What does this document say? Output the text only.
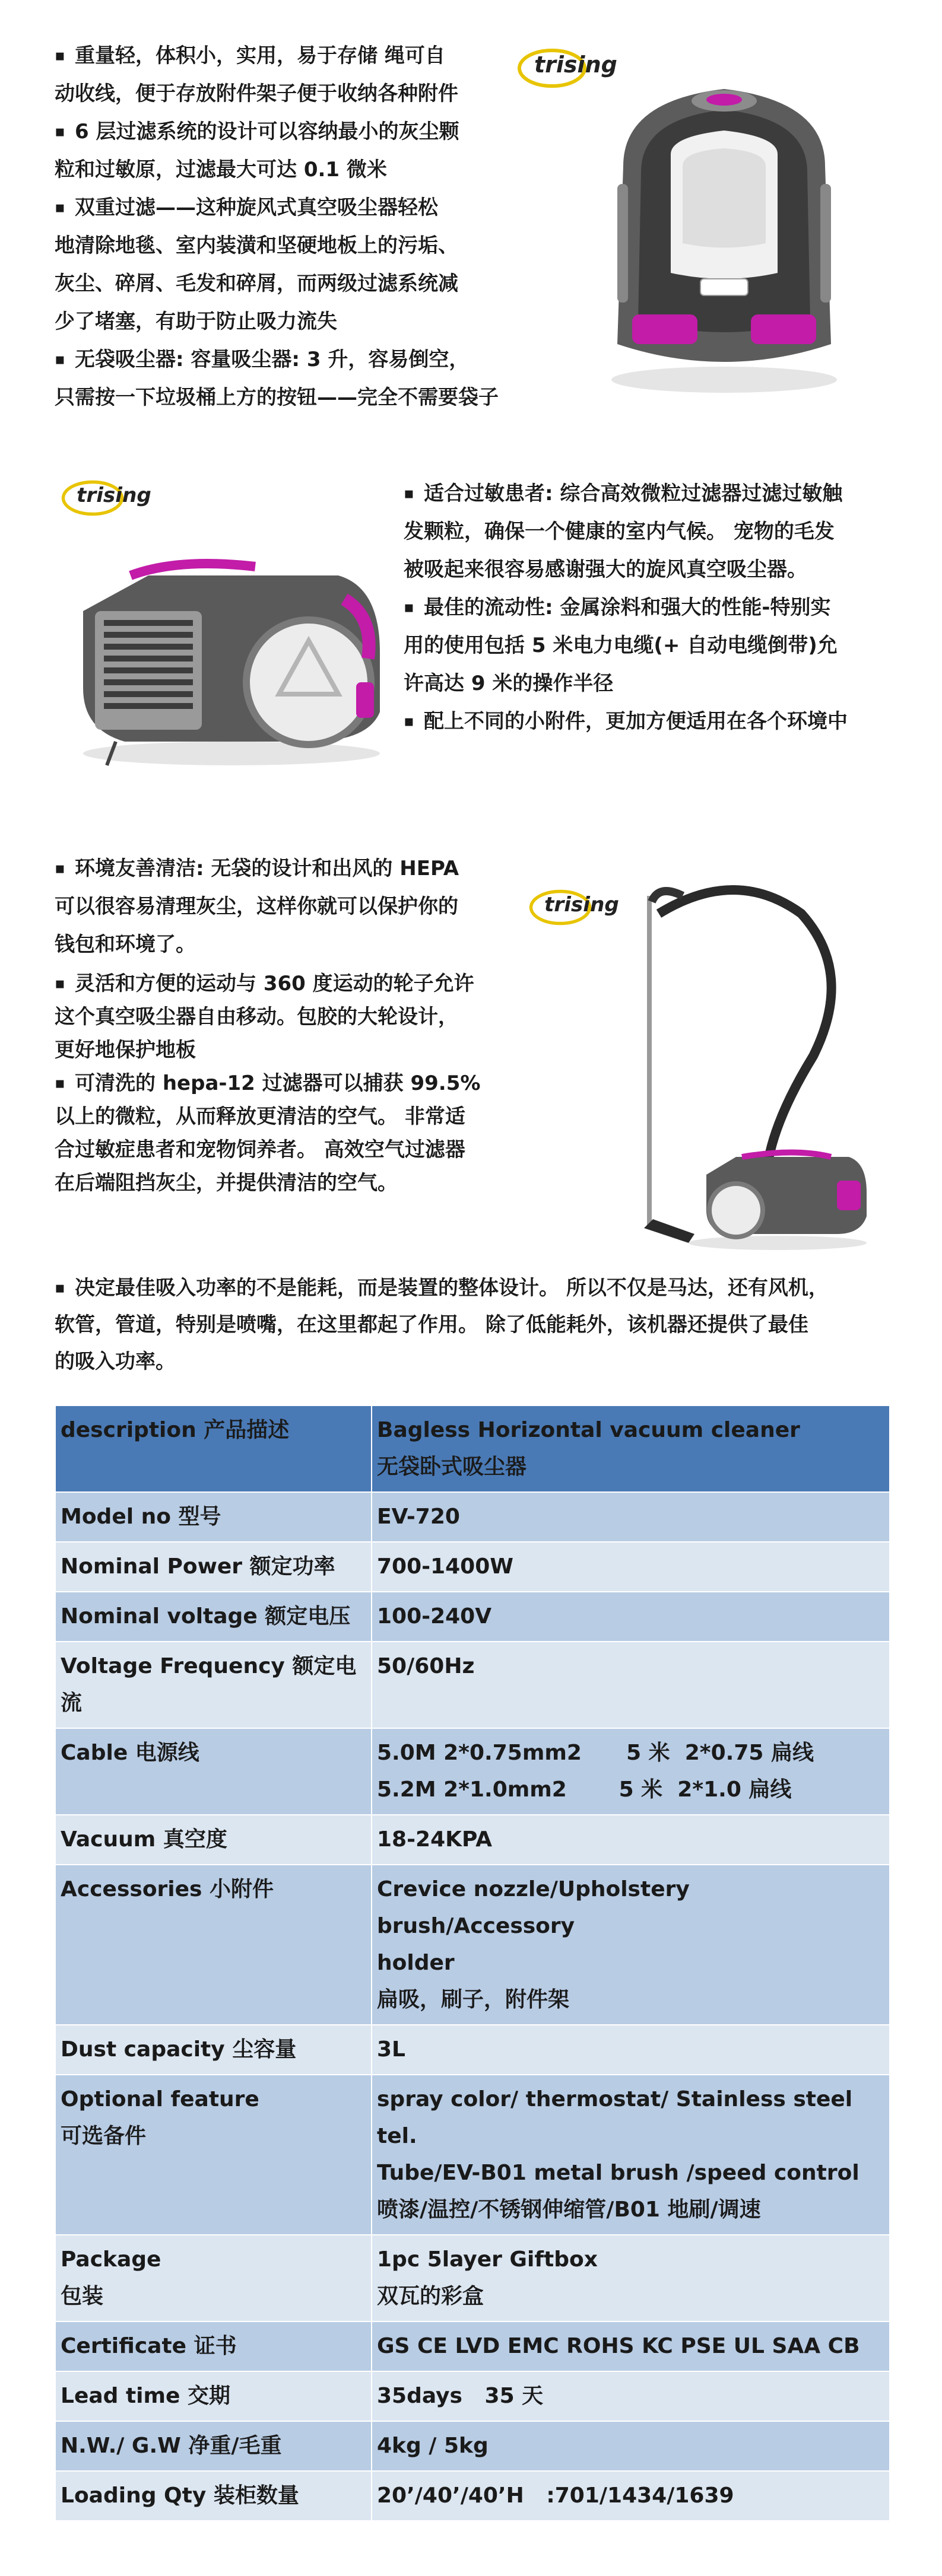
▪ 重量轻，体积小，实用，易于存储 绳可自
动收线，便于存放附件架子便于收纳各种附件
▪ 6 层过滤系统的设计可以容纳最小的灰尘颗
粒和过敏原，过滤最大可达 0.1 微米
▪ 双重过滤——这种旋风式真空吸尘器轻松
地清除地毯、室内装潢和坚硬地板上的污垢、
灰尘、碎屑、毛发和碎屑，而两级过滤系统减
少了堵塞，有助于防止吸力流失
▪ 无袋吸尘器: 容量吸尘器: 3 升，容易倒空，
只需按一下垃圾桶上方的按钮——完全不需要袋子
trising
trising	▪ 适合过敏患者: 综合高效微粒过滤器过滤过敏触
发颗粒，确保一个健康的室内气候。 宠物的毛发
被吸起来很容易感谢强大的旋风真空吸尘器。
▪ 最佳的流动性: 金属涂料和强大的性能-特别实
用的使用包括 5 米电力电缆(+ 自动电缆倒带)允
许高达 9 米的操作半径
▪ 配上不同的小附件，更加方便适用在各个环境中
▪ 环境友善清洁: 无袋的设计和出风的 HEPA
可以很容易清理灰尘，这样你就可以保护你的
钱包和环境了。
▪ 灵活和方便的运动与 360 度运动的轮子允许
这个真空吸尘器自由移动。包胶的大轮设计，
更好地保护地板
▪ 可清洗的 hepa-12 过滤器可以捕获 99.5%
以上的微粒，从而释放更清洁的空气。 非常适
合过敏症患者和宠物饲养者。 高效空气过滤器
在后端阻挡灰尘，并提供清洁的空气。
▪ 决定最佳吸入功率的不是能耗，而是装置的整体设计。 所以不仅是马达，还有风机，
软管，管道，特别是喷嘴，在这里都起了作用。 除了低能耗外，该机器还提供了最佳
的吸入功率。
trising
description 产品描述	Bagless Horizontal vacuum cleaner
无袋卧式吸尘器

Model no 型号	EV-720
Nominal Power 额定功率	700-1400W
Nominal voltage 额定电压	100-240V
Voltage Frequency 额定电流	50/60Hz
Cable 电源线	5.0M 2*0.75mm2      5 米  2*0.75 扁线
5.2M 2*1.0mm2       5 米  2*1.0 扁线

Vacuum 真空度	18-24KPA
Accessories 小附件	Crevice nozzle/Upholstery brush/Accessory
holder
扁吸，刷子，附件架

Dust capacity 尘容量	3L

Optional feature
可选备件	spray color/ thermostat/ Stainless steel tel.
Tube/EV-B01 metal brush /speed control
喷漆/温控/不锈钢伸缩管/B01 地刷/调速

Package
包装	1pc 5layer Giftbox
双瓦的彩盒

Certificate 证书	GS CE LVD EMC ROHS KC PSE UL SAA CB
Lead time 交期	35days   35 天
N.W./ G.W 净重/毛重	4kg / 5kg
Loading Qty 装柜数量	20’/40’/40’H   :701/1434/1639
